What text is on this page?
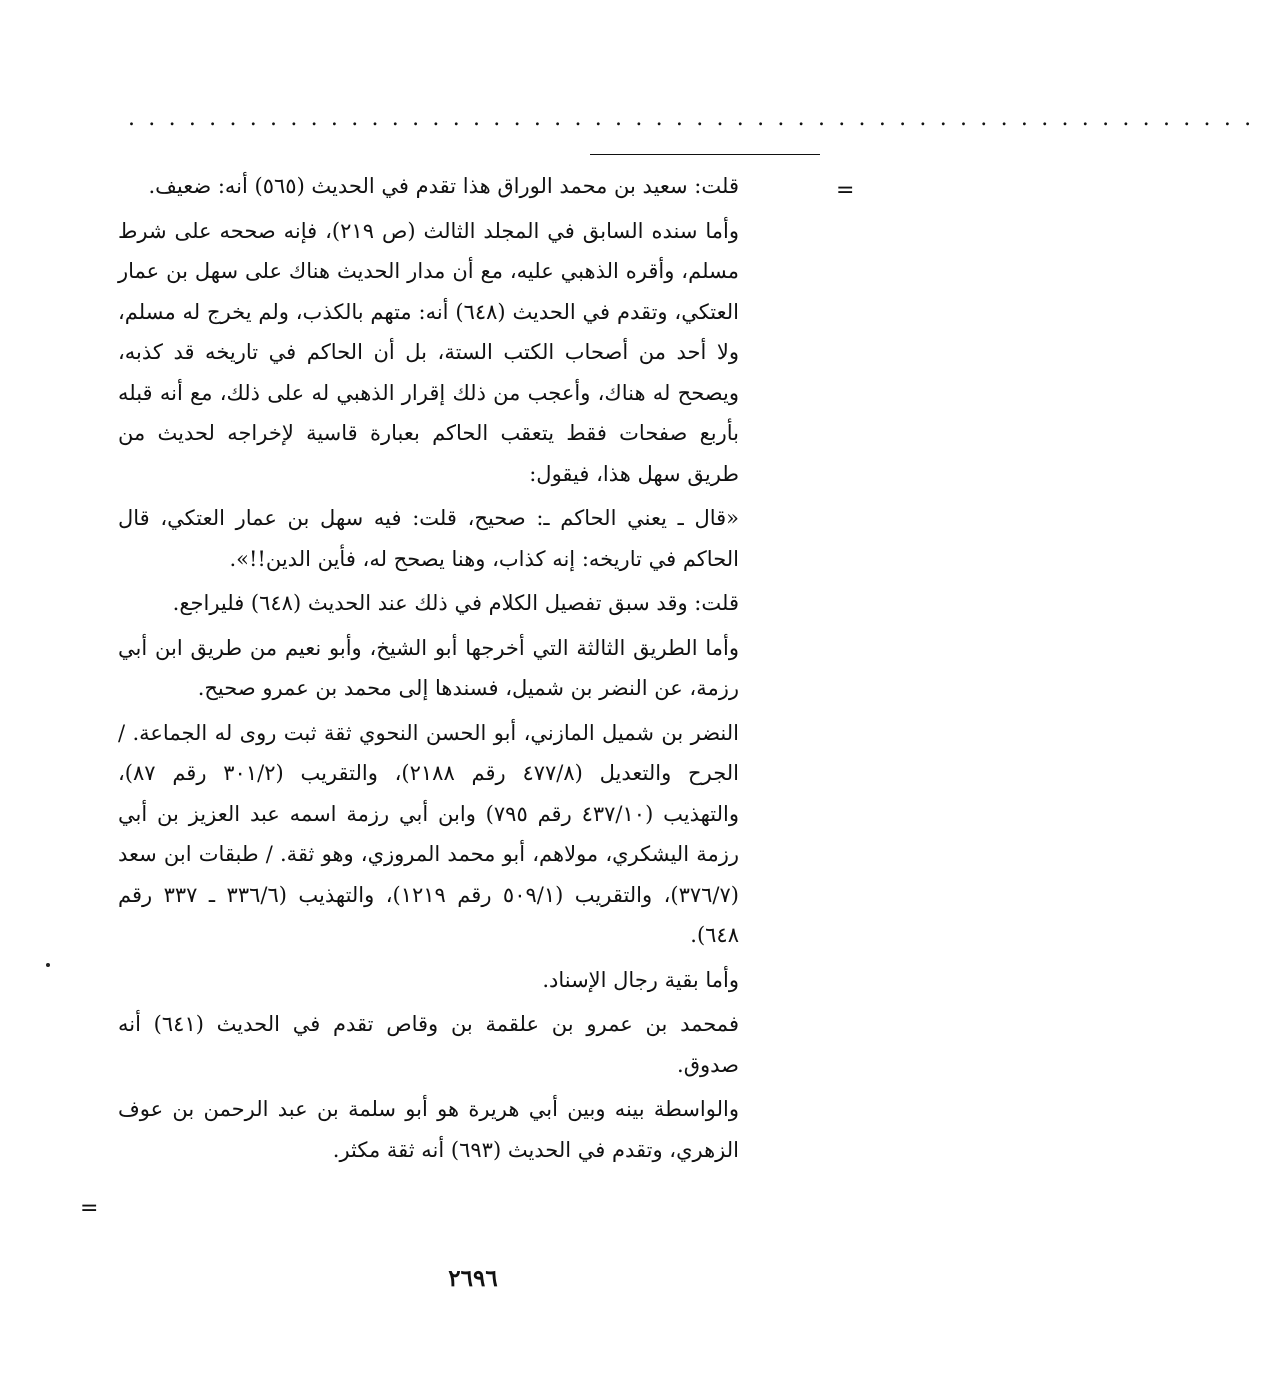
........................................................
=
=

قلت: سعيد بن محمد الوراق هذا تقدم في الحديث (٥٦٥) أنه: ضعيف.

وأما سنده السابق في المجلد الثالث (ص ٢١٩)، فإنه صححه على شرط مسلم، وأقره الذهبي عليه، مع أن مدار الحديث هناك على سهل بن عمار العتكي، وتقدم في الحديث (٦٤٨) أنه: متهم بالكذب، ولم يخرج له مسلم، ولا أحد من أصحاب الكتب الستة، بل أن الحاكم في تاريخه قد كذبه، ويصحح له هناك، وأعجب من ذلك إقرار الذهبي له على ذلك، مع أنه قبله بأربع صفحات فقط يتعقب الحاكم بعبارة قاسية لإخراجه لحديث من طريق سهل هذا، فيقول:

«قال ـ يعني الحاكم ـ: صحيح، قلت: فيه سهل بن عمار العتكي، قال الحاكم في تاريخه: إنه كذاب، وهنا يصحح له، فأين الدين!!».

قلت: وقد سبق تفصيل الكلام في ذلك عند الحديث (٦٤٨) فليراجع.

وأما الطريق الثالثة التي أخرجها أبو الشيخ، وأبو نعيم من طريق ابن أبي رزمة، عن النضر بن شميل، فسندها إلى محمد بن عمرو صحيح.

النضر بن شميل المازني، أبو الحسن النحوي ثقة ثبت روى له الجماعة. / الجرح والتعديل (٤٧٧/٨ رقم ٢١٨٨)، والتقريب (٣٠١/٢ رقم ٨٧)، والتهذيب (٤٣٧/١٠ رقم ٧٩٥) وابن أبي رزمة اسمه عبد العزيز بن أبي رزمة اليشكري، مولاهم، أبو محمد المروزي، وهو ثقة. / طبقات ابن سعد (٣٧٦/٧)، والتقريب (٥٠٩/١ رقم ١٢١٩)، والتهذيب (٣٣٦/٦ ـ ٣٣٧ رقم ٦٤٨).

وأما بقية رجال الإسناد.

فمحمد بن عمرو بن علقمة بن وقاص تقدم في الحديث (٦٤١) أنه صدوق.

والواسطة بينه وبين أبي هريرة هو أبو سلمة بن عبد الرحمن بن عوف الزهري، وتقدم في الحديث (٦٩٣) أنه ثقة مكثر.

٢٦٩٦
